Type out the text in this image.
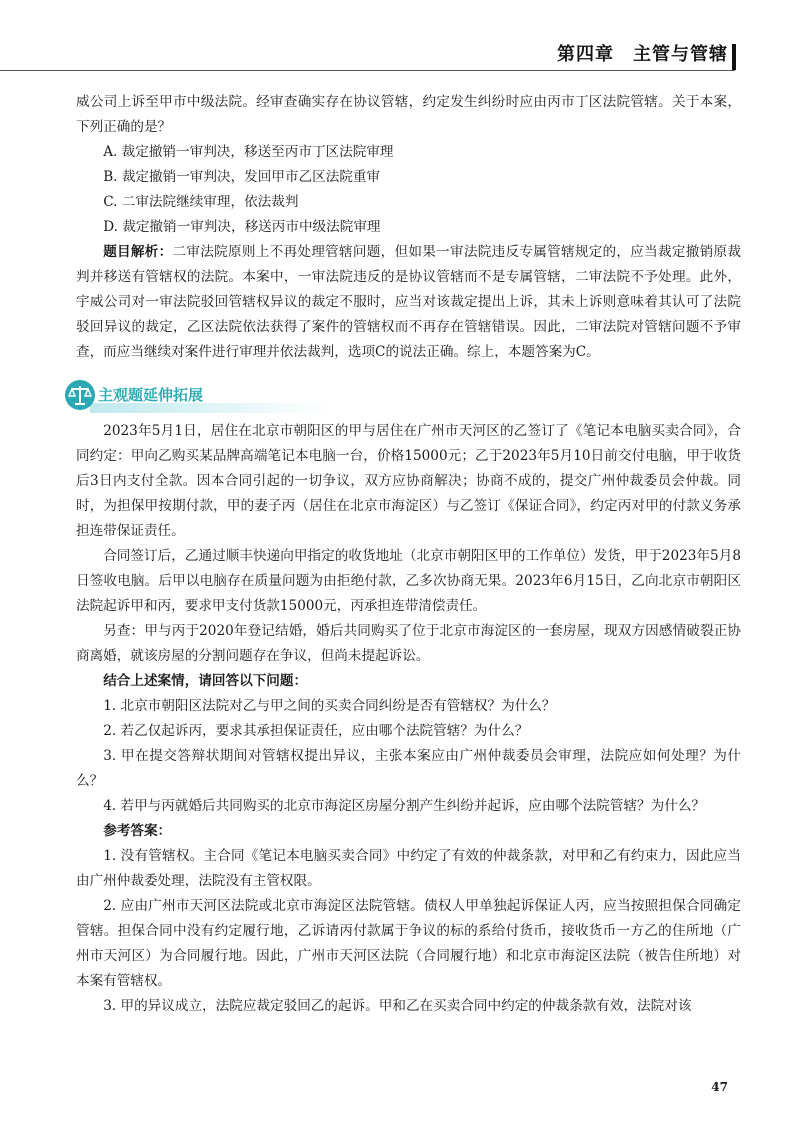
第四章　主管与管辖

威公司上诉至甲市中级法院。经审查确实存在协议管辖，约定发生纠纷时应由丙市丁区法院管辖。关于本案，下列正确的是？

A. 裁定撤销一审判决，移送至丙市丁区法院审理

B. 裁定撤销一审判决，发回甲市乙区法院重审

C. 二审法院继续审理，依法裁判

D. 裁定撤销一审判决，移送丙市中级法院审理

题目解析：二审法院原则上不再处理管辖问题，但如果一审法院违反专属管辖规定的，应当裁定撤销原裁判并移送有管辖权的法院。本案中，一审法院违反的是协议管辖而不是专属管辖，二审法院不予处理。此外，宇威公司对一审法院驳回管辖权异议的裁定不服时，应当对该裁定提出上诉，其未上诉则意味着其认可了法院驳回异议的裁定，乙区法院依法获得了案件的管辖权而不再存在管辖错误。因此，二审法院对管辖问题不予审查，而应当继续对案件进行审理并依法裁判，选项C的说法正确。综上，本题答案为C。

主观题延伸拓展

2023年5月1日，居住在北京市朝阳区的甲与居住在广州市天河区的乙签订了《笔记本电脑买卖合同》，合同约定：甲向乙购买某品牌高端笔记本电脑一台，价格15000元；乙于2023年5月10日前交付电脑，甲于收货后3日内支付全款。因本合同引起的一切争议，双方应协商解决；协商不成的，提交广州仲裁委员会仲裁。同时，为担保甲按期付款，甲的妻子丙（居住在北京市海淀区）与乙签订《保证合同》，约定丙对甲的付款义务承担连带保证责任。

合同签订后，乙通过顺丰快递向甲指定的收货地址（北京市朝阳区甲的工作单位）发货，甲于2023年5月8日签收电脑。后甲以电脑存在质量问题为由拒绝付款，乙多次协商无果。2023年6月15日，乙向北京市朝阳区法院起诉甲和丙，要求甲支付货款15000元，丙承担连带清偿责任。

另查：甲与丙于2020年登记结婚，婚后共同购买了位于北京市海淀区的一套房屋，现双方因感情破裂正协商离婚，就该房屋的分割问题存在争议，但尚未提起诉讼。

结合上述案情，请回答以下问题：

1. 北京市朝阳区法院对乙与甲之间的买卖合同纠纷是否有管辖权？为什么？

2. 若乙仅起诉丙，要求其承担保证责任，应由哪个法院管辖？为什么？

3. 甲在提交答辩状期间对管辖权提出异议，主张本案应由广州仲裁委员会审理，法院应如何处理？为什么？

4. 若甲与丙就婚后共同购买的北京市海淀区房屋分割产生纠纷并起诉，应由哪个法院管辖？为什么？

参考答案：

1. 没有管辖权。主合同《笔记本电脑买卖合同》中约定了有效的仲裁条款，对甲和乙有约束力，因此应当由广州仲裁委处理，法院没有主管权限。

2. 应由广州市天河区法院或北京市海淀区法院管辖。债权人甲单独起诉保证人丙，应当按照担保合同确定管辖。担保合同中没有约定履行地，乙诉请丙付款属于争议的标的系给付货币，接收货币一方乙的住所地（广州市天河区）为合同履行地。因此，广州市天河区法院（合同履行地）和北京市海淀区法院（被告住所地）对本案有管辖权。

3. 甲的异议成立，法院应裁定驳回乙的起诉。甲和乙在买卖合同中约定的仲裁条款有效，法院对该

47
